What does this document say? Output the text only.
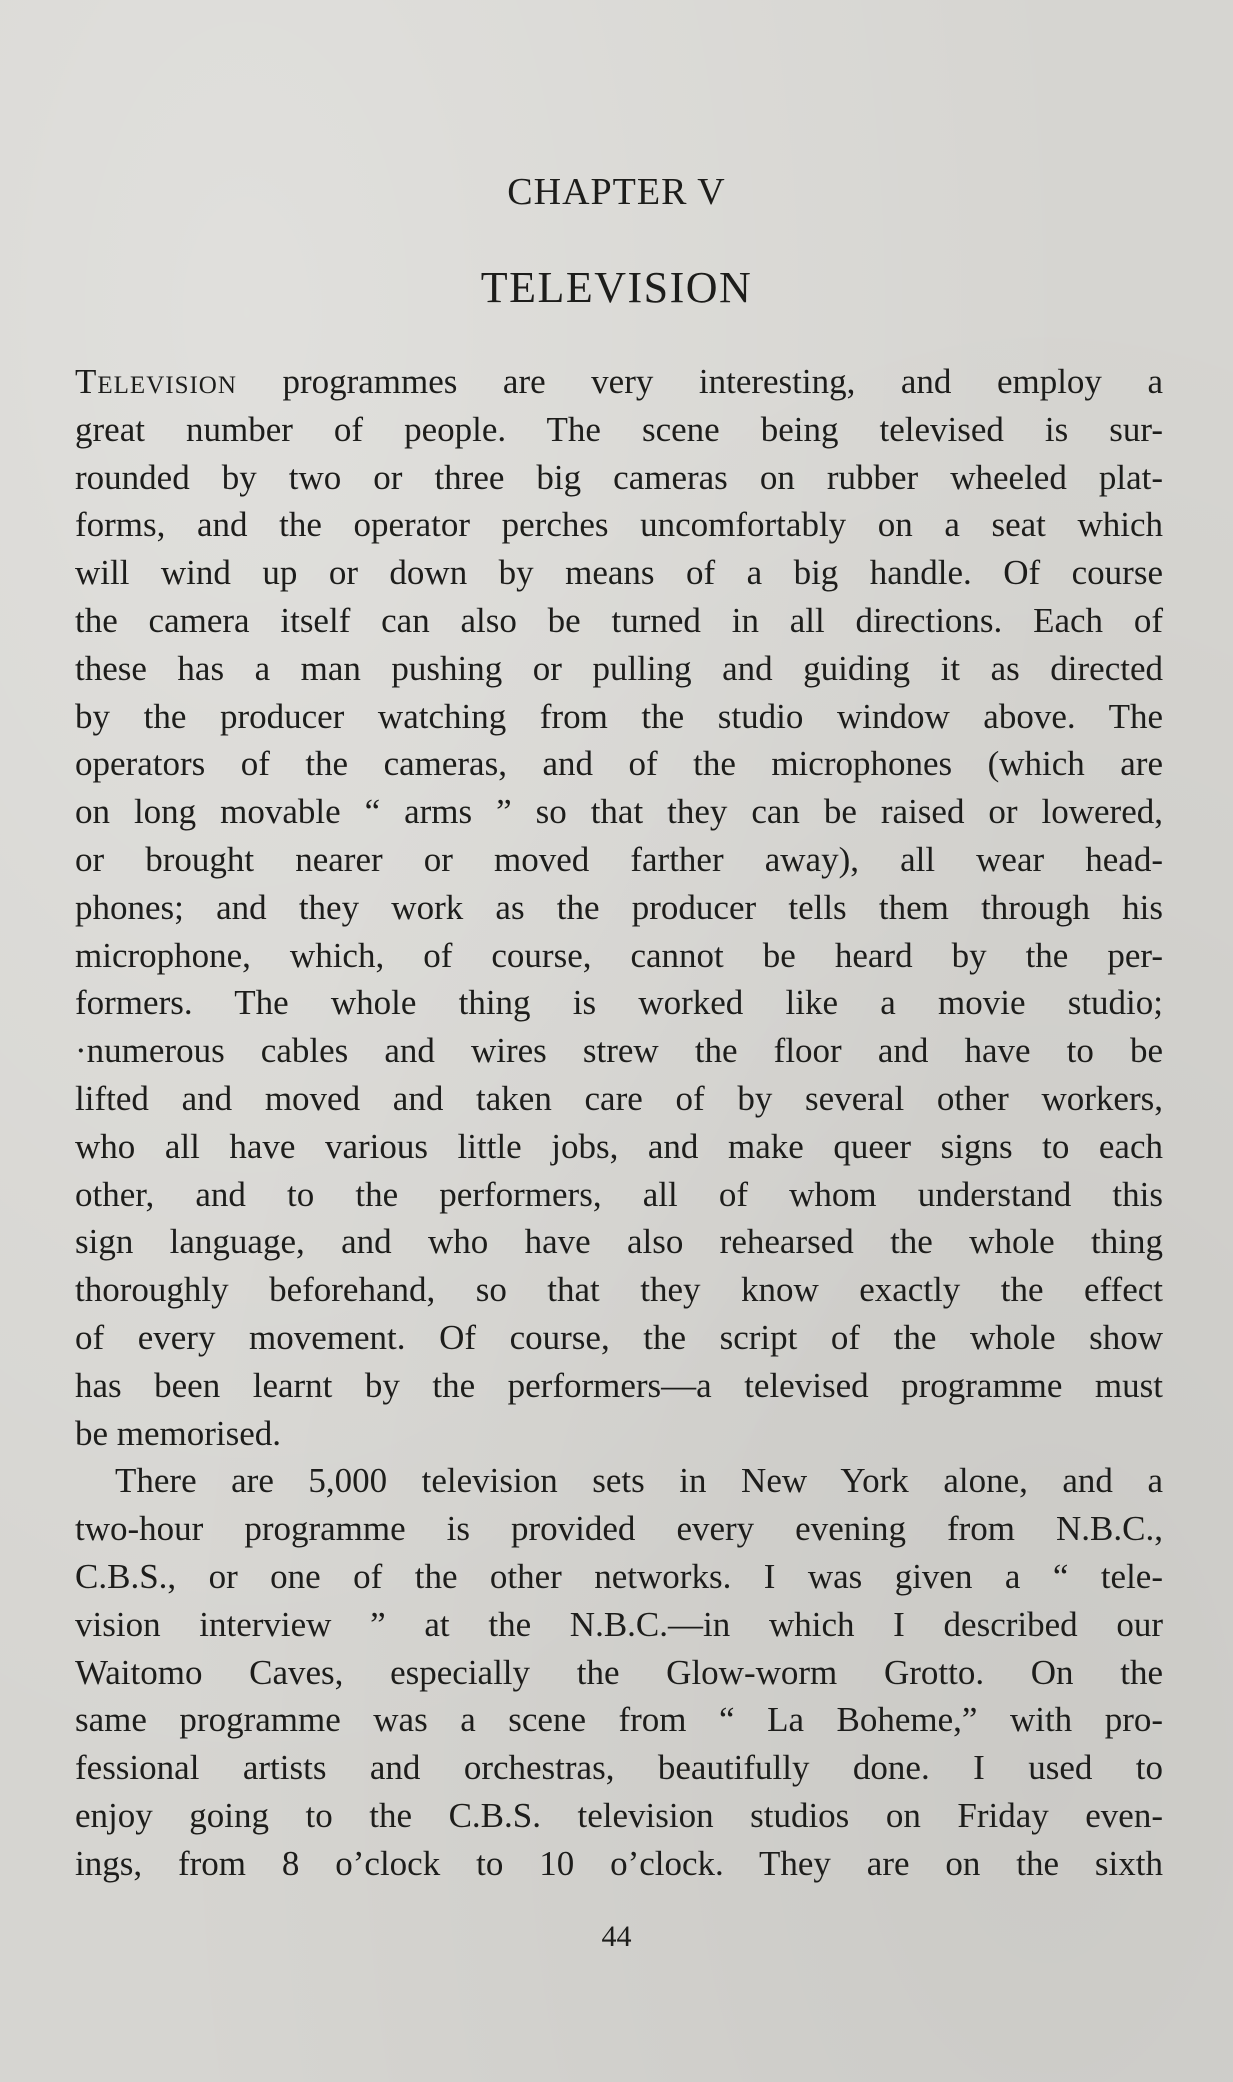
CHAPTER V
TELEVISION
Television programmes are very interesting, and employ a
great number of people. The scene being televised is sur-
rounded by two or three big cameras on rubber wheeled plat-
forms, and the operator perches uncomfortably on a seat which
will wind up or down by means of a big handle. Of course
the camera itself can also be turned in all directions. Each of
these has a man pushing or pulling and guiding it as directed
by the producer watching from the studio window above. The
operators of the cameras, and of the microphones (which are
on long movable “ arms ” so that they can be raised or lowered,
or brought nearer or moved farther away), all wear head-
phones; and they work as the producer tells them through his
microphone, which, of course, cannot be heard by the per-
formers. The whole thing is worked like a movie studio;
·numerous cables and wires strew the floor and have to be
lifted and moved and taken care of by several other workers,
who all have various little jobs, and make queer signs to each
other, and to the performers, all of whom understand this
sign language, and who have also rehearsed the whole thing
thoroughly beforehand, so that they know exactly the effect
of every movement. Of course, the script of the whole show
has been learnt by the performers—a televised programme must
be memorised.
There are 5,000 television sets in New York alone, and a
two-hour programme is provided every evening from N.B.C.,
C.B.S., or one of the other networks. I was given a “ tele-
vision interview ” at the N.B.C.—in which I described our
Waitomo Caves, especially the Glow-worm Grotto. On the
same programme was a scene from “ La Boheme,” with pro-
fessional artists and orchestras, beautifully done. I used to
enjoy going to the C.B.S. television studios on Friday even-
ings, from 8 o’clock to 10 o’clock. They are on the sixth
44
